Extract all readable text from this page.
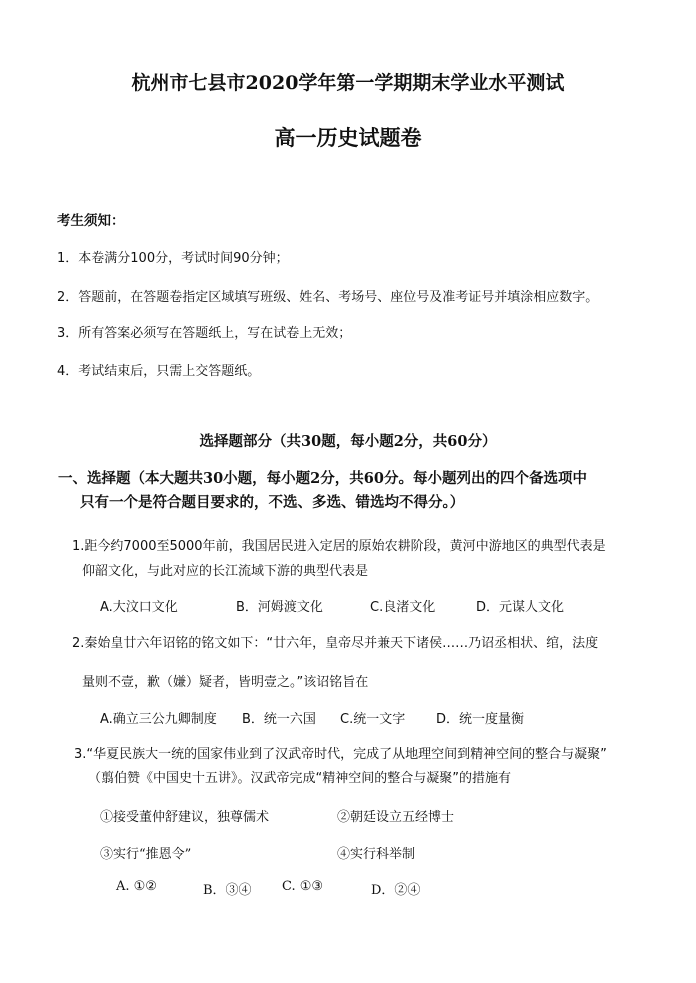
杭州市七县市2020学年第一学期期末学业水平测试
高一历史试题卷
考生须知：
1．本卷满分100分，考试时间90分钟；
2．答题前，在答题卷指定区域填写班级、姓名、考场号、座位号及准考证号并填涂相应数字。
3．所有答案必须写在答题纸上，写在试卷上无效；
4．考试结束后，只需上交答题纸。
选择题部分（共30题，每小题2分，共60分）
一、选择题（本大题共30小题，每小题2分，共60分。每小题列出的四个备选项中
只有一个是符合题目要求的，不选、多选、错选均不得分。）
1.距今约7000至5000年前，我国居民进入定居的原始农耕阶段，黄河中游地区的典型代表是
仰韶文化，与此对应的长江流域下游的典型代表是
A.大汶口文化	B．河姆渡文化	C.良渚文化	D．元谋人文化
2.秦始皇廿六年诏铭的铭文如下：“廿六年，皇帝尽并兼天下诸侯……乃诏丞相状、绾，法度
量则不壹，歉（嫌）疑者，皆明壹之。”该诏铭旨在
A.确立三公九卿制度 B．统一六国 C.统一文字 D．统一度量衡
3.“华夏民族大一统的国家伟业到了汉武帝时代，完成了从地理空间到精神空间的整合与凝聚”
（翦伯赞《中国史十五讲》。汉武帝完成“精神空间的整合与凝聚”的措施有
①接受董仲舒建议，独尊儒术	②朝廷设立五经博士
③实行“推恩令”	④实行科举制
A. ①②	B．③④ C. ①③	D．②④
